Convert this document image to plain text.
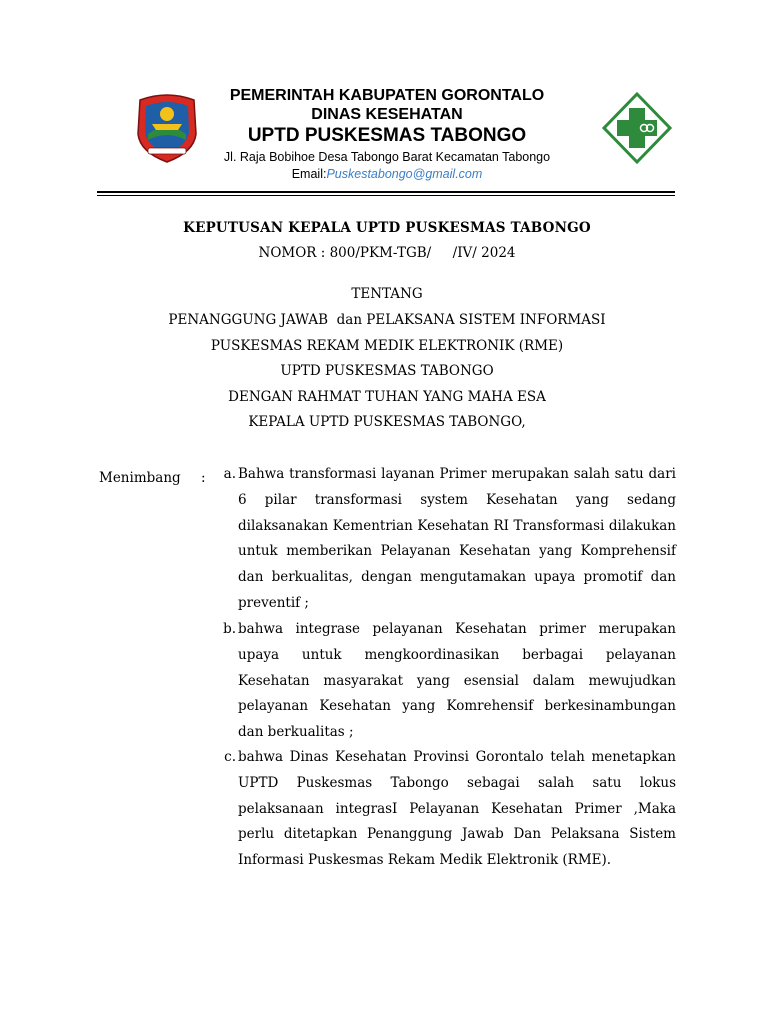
PEMERINTAH KABUPATEN GORONTALO
DINAS KESEHATAN
UPTD PUSKESMAS TABONGO
Jl. Raja Bobihoe Desa Tabongo Barat Kecamatan Tabongo
Email:Puskestabongo@gmail.com
KEPUTUSAN KEPALA UPTD PUSKESMAS TABONGO
NOMOR : 800/PKM-TGB/     /IV/ 2024
TENTANG
PENANGGUNG JAWAB  dan PELAKSANA SISTEM INFORMASI
PUSKESMAS REKAM MEDIK ELEKTRONIK (RME)
UPTD PUSKESMAS TABONGO
DENGAN RAHMAT TUHAN YANG MAHA ESA
KEPALA UPTD PUSKESMAS TABONGO,
Menimbang :	a. Bahwa transformasi layanan Primer merupakan salah satu dari 6 pilar transformasi system Kesehatan yang sedang dilaksanakan Kementrian Kesehatan RI Transformasi dilakukan untuk memberikan Pelayanan Kesehatan yang Komprehensif dan berkualitas, dengan mengutamakan upaya promotif dan preventif ;
b. bahwa integrase pelayanan Kesehatan primer merupakan upaya untuk mengkoordinasikan berbagai pelayanan Kesehatan masyarakat yang esensial dalam mewujudkan pelayanan Kesehatan yang Komrehensif berkesinambungan dan berkualitas ;
c. bahwa Dinas Kesehatan Provinsi Gorontalo telah menetapkan UPTD Puskesmas Tabongo sebagai salah satu lokus pelaksanaan integrasI Pelayanan Kesehatan Primer ,Maka perlu ditetapkan Penanggung Jawab Dan Pelaksana Sistem Informasi Puskesmas Rekam Medik Elektronik (RME).
